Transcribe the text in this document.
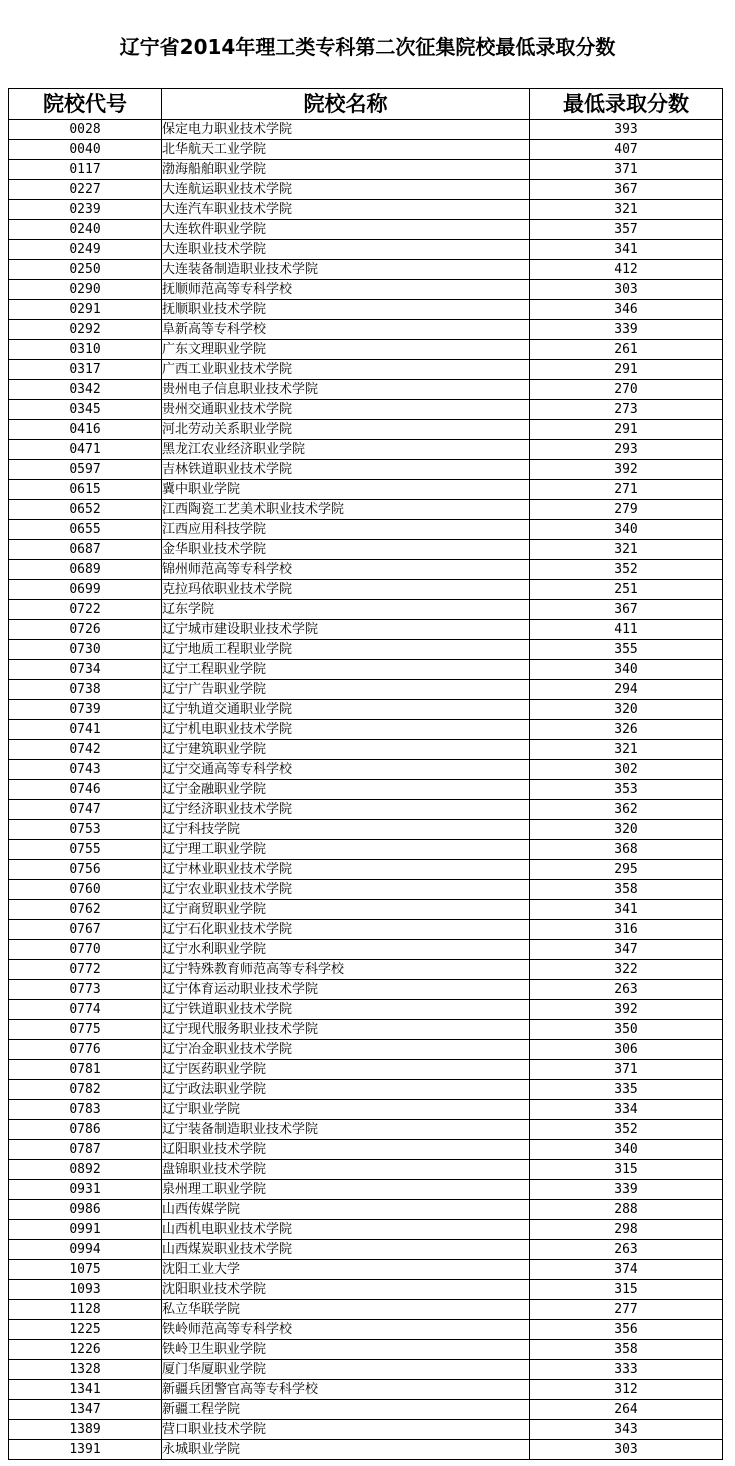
辽宁省2014年理工类专科第二次征集院校最低录取分数
院校代号	院校名称	最低录取分数
0028	保定电力职业技术学院	393
0040	北华航天工业学院	407
0117	渤海船舶职业学院	371
0227	大连航运职业技术学院	367
0239	大连汽车职业技术学院	321
0240	大连软件职业学院	357
0249	大连职业技术学院	341
0250	大连装备制造职业技术学院	412
0290	抚顺师范高等专科学校	303
0291	抚顺职业技术学院	346
0292	阜新高等专科学校	339
0310	广东文理职业学院	261
0317	广西工业职业技术学院	291
0342	贵州电子信息职业技术学院	270
0345	贵州交通职业技术学院	273
0416	河北劳动关系职业学院	291
0471	黑龙江农业经济职业学院	293
0597	吉林铁道职业技术学院	392
0615	冀中职业学院	271
0652	江西陶瓷工艺美术职业技术学院	279
0655	江西应用科技学院	340
0687	金华职业技术学院	321
0689	锦州师范高等专科学校	352
0699	克拉玛依职业技术学院	251
0722	辽东学院	367
0726	辽宁城市建设职业技术学院	411
0730	辽宁地质工程职业学院	355
0734	辽宁工程职业学院	340
0738	辽宁广告职业学院	294
0739	辽宁轨道交通职业学院	320
0741	辽宁机电职业技术学院	326
0742	辽宁建筑职业学院	321
0743	辽宁交通高等专科学校	302
0746	辽宁金融职业学院	353
0747	辽宁经济职业技术学院	362
0753	辽宁科技学院	320
0755	辽宁理工职业学院	368
0756	辽宁林业职业技术学院	295
0760	辽宁农业职业技术学院	358
0762	辽宁商贸职业学院	341
0767	辽宁石化职业技术学院	316
0770	辽宁水利职业学院	347
0772	辽宁特殊教育师范高等专科学校	322
0773	辽宁体育运动职业技术学院	263
0774	辽宁铁道职业技术学院	392
0775	辽宁现代服务职业技术学院	350
0776	辽宁冶金职业技术学院	306
0781	辽宁医药职业学院	371
0782	辽宁政法职业学院	335
0783	辽宁职业学院	334
0786	辽宁装备制造职业技术学院	352
0787	辽阳职业技术学院	340
0892	盘锦职业技术学院	315
0931	泉州理工职业学院	339
0986	山西传媒学院	288
0991	山西机电职业技术学院	298
0994	山西煤炭职业技术学院	263
1075	沈阳工业大学	374
1093	沈阳职业技术学院	315
1128	私立华联学院	277
1225	铁岭师范高等专科学校	356
1226	铁岭卫生职业学院	358
1328	厦门华厦职业学院	333
1341	新疆兵团警官高等专科学校	312
1347	新疆工程学院	264
1389	营口职业技术学院	343
1391	永城职业学院	303
